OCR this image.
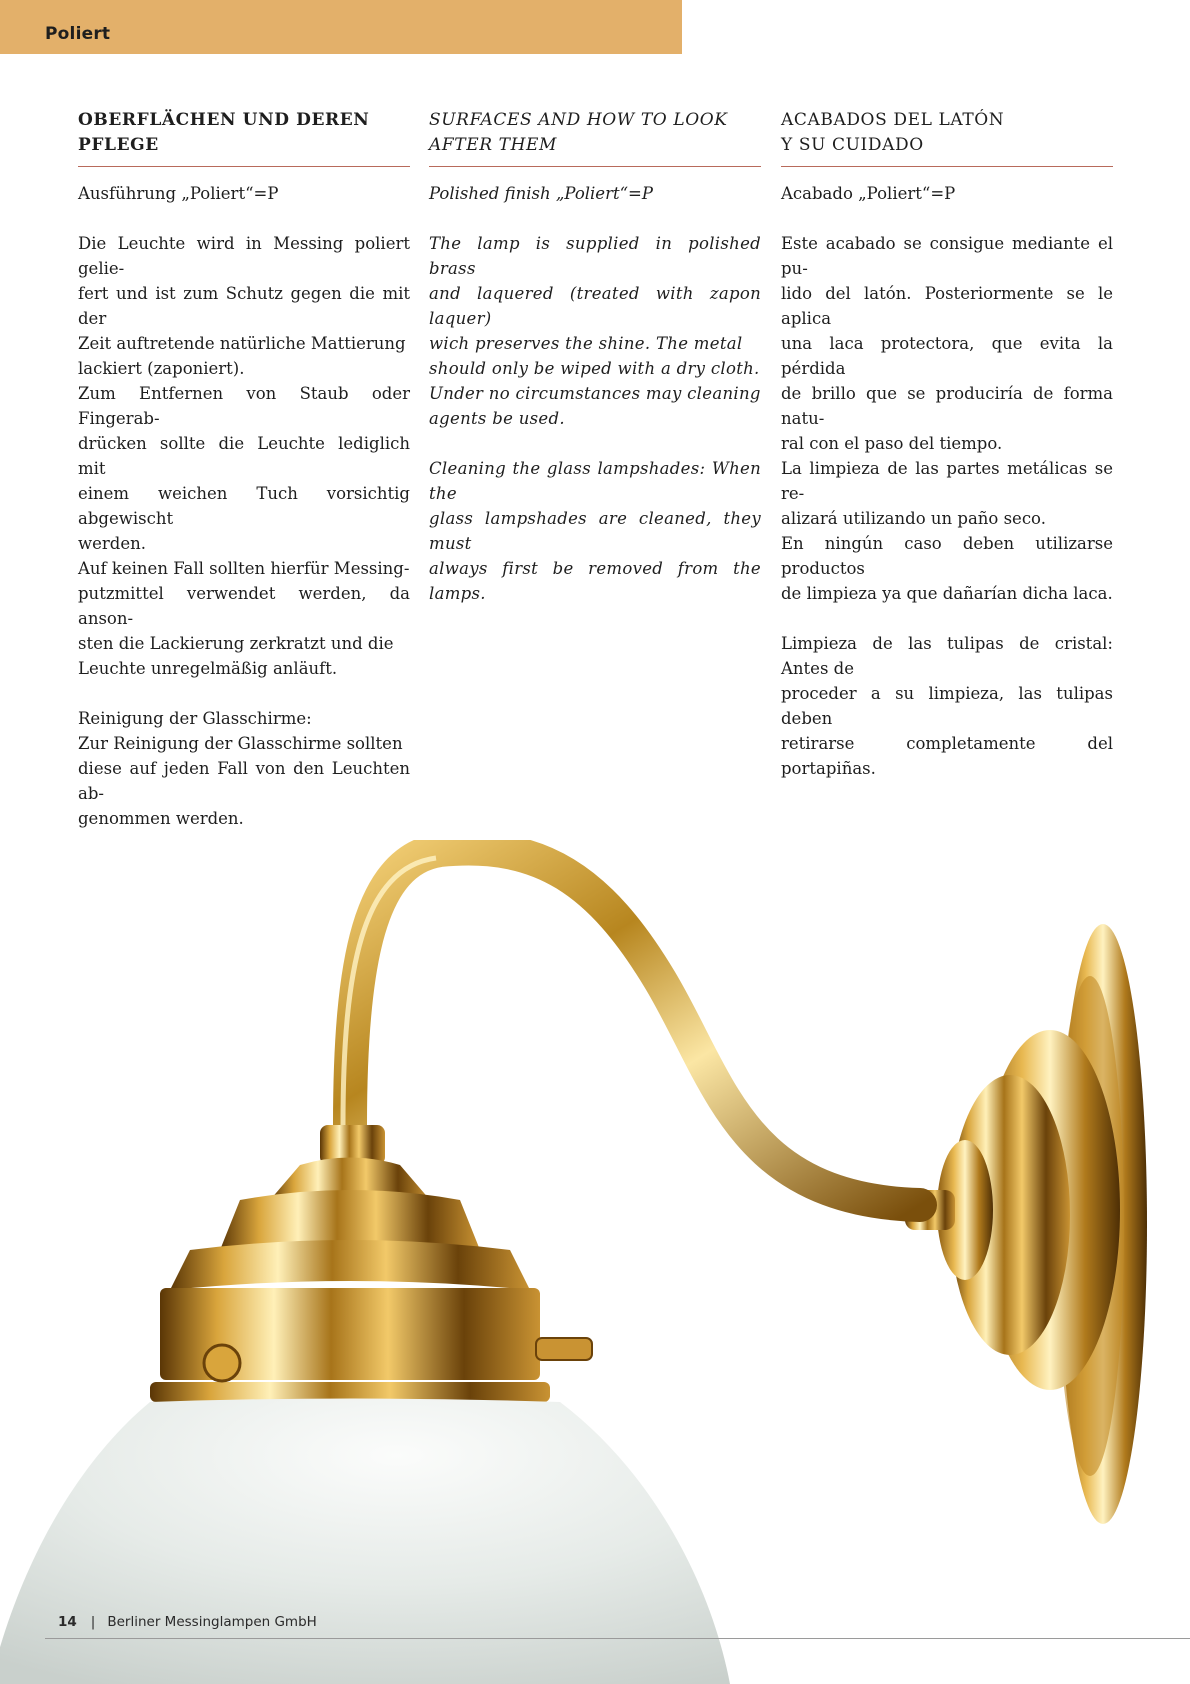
Poliert
OBERFLÄCHEN UND DEREN
PFLEGE

Ausführung „Poliert“=P

Die Leuchte wird in Messing poliert gelie-
fert und ist zum Schutz gegen die mit der
Zeit auftretende natürliche Mattierung
lackiert (zaponiert).
Zum Entfernen von Staub oder Fingerab-
drücken sollte die Leuchte lediglich mit
einem weichen Tuch vorsichtig abgewischt
werden.
Auf keinen Fall sollten hierfür Messing-
putzmittel verwendet werden, da anson-
sten die Lackierung zerkratzt und die
Leuchte unregelmäßig anläuft.

Reinigung der Glasschirme:
Zur Reinigung der Glasschirme sollten
diese auf jeden Fall von den Leuchten ab-
genommen werden.

SURFACES AND HOW TO LOOK
AFTER THEM

Polished finish „Poliert“=P

The lamp is supplied in polished brass
and laquered (treated with zapon laquer)
wich preserves the shine. The metal
should only be wiped with a dry cloth.
Under no circumstances may cleaning
agents be used.

Cleaning the glass lampshades: When the
glass lampshades are cleaned, they must
always first be removed from the lamps.

ACABADOS DEL LATÓN
Y SU CUIDADO

Acabado „Poliert“=P

Este acabado se consigue mediante el pu-
lido del latón. Posteriormente se le aplica
una laca protectora, que evita la pérdida
de brillo que se produciría de forma natu-
ral con el paso del tiempo.
La limpieza de las partes metálicas se re-
alizará utilizando un paño seco.
En ningún caso deben utilizarse productos
de limpieza ya que dañarían dicha laca.

Limpieza de las tulipas de cristal: Antes de
proceder a su limpieza, las tulipas deben
retirarse completamente del portapiñas.

14 | Berliner Messinglampen GmbH
